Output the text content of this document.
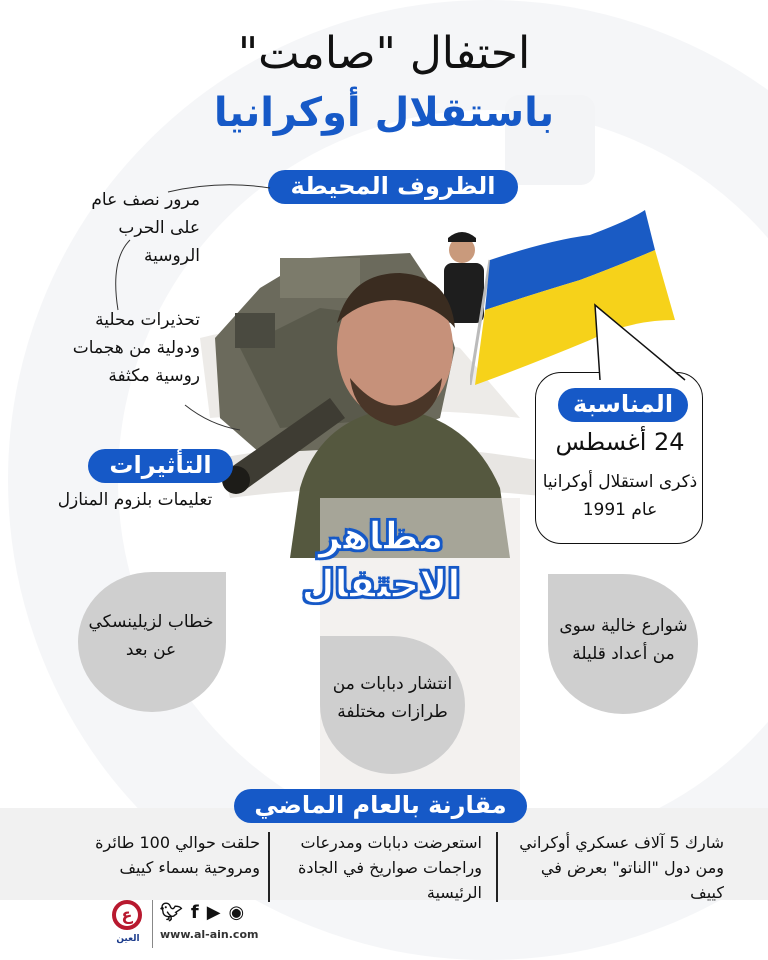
احتفال "صامت"
باستقلال أوكرانيا
الظروف المحيطة
مرور نصف عام على الحرب الروسية
تحذيرات محلية ودولية من هجمات روسية مكثفة
التأثيرات
تعليمات بلزوم المنازل
المناسبة
24 أغسطس
ذكرى استقلال أوكرانيا عام 1991
مظاهر الاحتفال
خطاب لزيلينسكي عن بعد
انتشار دبابات من طرازات مختلفة
شوارع خالية سوى من أعداد قليلة
مقارنة بالعام الماضي
شارك 5 آلاف عسكري أوكراني ومن دول "الناتو" بعرض في كييف
استعرضت دبابات ومدرعات وراجمات صواريخ في الجادة الرئيسية
حلقت حوالي 100 طائرة ومروحية بسماء كييف
ع
العين
🐦︎ f ▶ ◉
www.al-ain.com
